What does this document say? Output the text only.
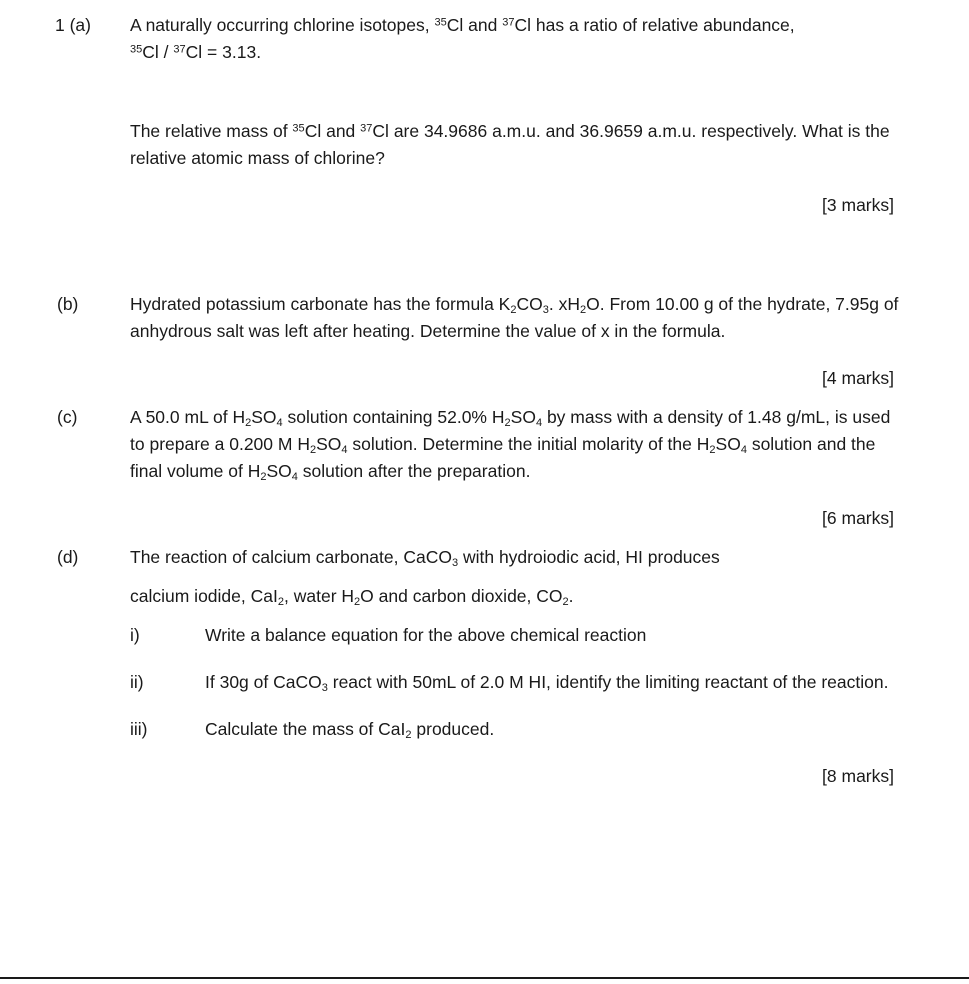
1 (a)	A naturally occurring chlorine isotopes, $^{35}$Cl and $^{37}$Cl has a ratio of relative abundance,

$^{35}$Cl / $^{37}$Cl = 3.13.

The relative mass of $^{35}$Cl and $^{37}$Cl are 34.9686 a.m.u. and 36.9659 a.m.u. respectively. What is the relative atomic mass of chlorine?

[3 marks]
(b)	Hydrated potassium carbonate has the formula $K_2CO_3$. $xH_2O$. From 10.00 g of the hydrate, 7.95g of anhydrous salt was left after heating. Determine the value of x in the formula.

[4 marks]
(c)	A 50.0 mL of $H_2SO_4$ solution containing 52.0% $H_2SO_4$ by mass with a density of 1.48 g/mL, is used to prepare a 0.200 M $H_2SO_4$ solution. Determine the initial molarity of the $H_2SO_4$ solution and the final volume of $H_2SO_4$ solution after the preparation.

[6 marks]
(d)	The reaction of calcium carbonate, CaCO$_3$ with hydroiodic acid, HI produces

calcium iodide, CaI$_2$, water $H_2O$ and carbon dioxide, $CO_2$.

i)	Write a balance equation for the above chemical reaction
ii)	If 30g of CaCO$_3$ react with 50mL of 2.0 M HI, identify the limiting reactant of the reaction.
iii)	Calculate the mass of CaI$_2$ produced.
[8 marks]
